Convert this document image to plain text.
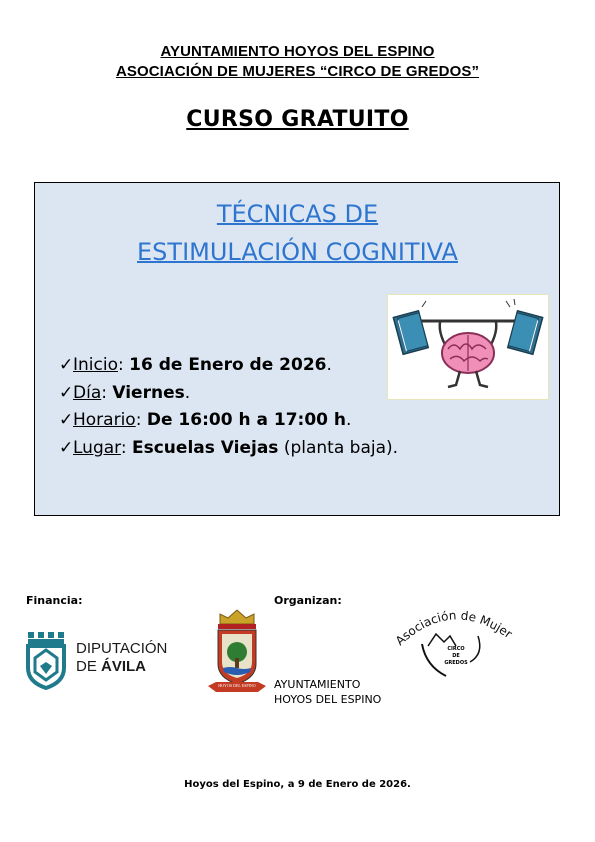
AYUNTAMIENTO HOYOS DEL ESPINO
ASOCIACIÓN DE MUJERES “CIRCO DE GREDOS”
CURSO GRATUITO
TÉCNICAS DE
ESTIMULACIÓN COGNITIVA
✓Inicio: 16 de Enero de 2026.
✓Día: Viernes.
✓Horario: De 16:00 h a 17:00 h.
✓Lugar: Escuelas Viejas (planta baja).
Financia:
DIPUTACIÓN
DE ÁVILA
Organizan:
HOYOS DEL ESPINO	AYUNTAMIENTO
HOYOS DEL ESPINO
Asociación de Mujer
CIRCO
DE
GREDOS
Hoyos del Espino, a 9 de Enero de 2026.
